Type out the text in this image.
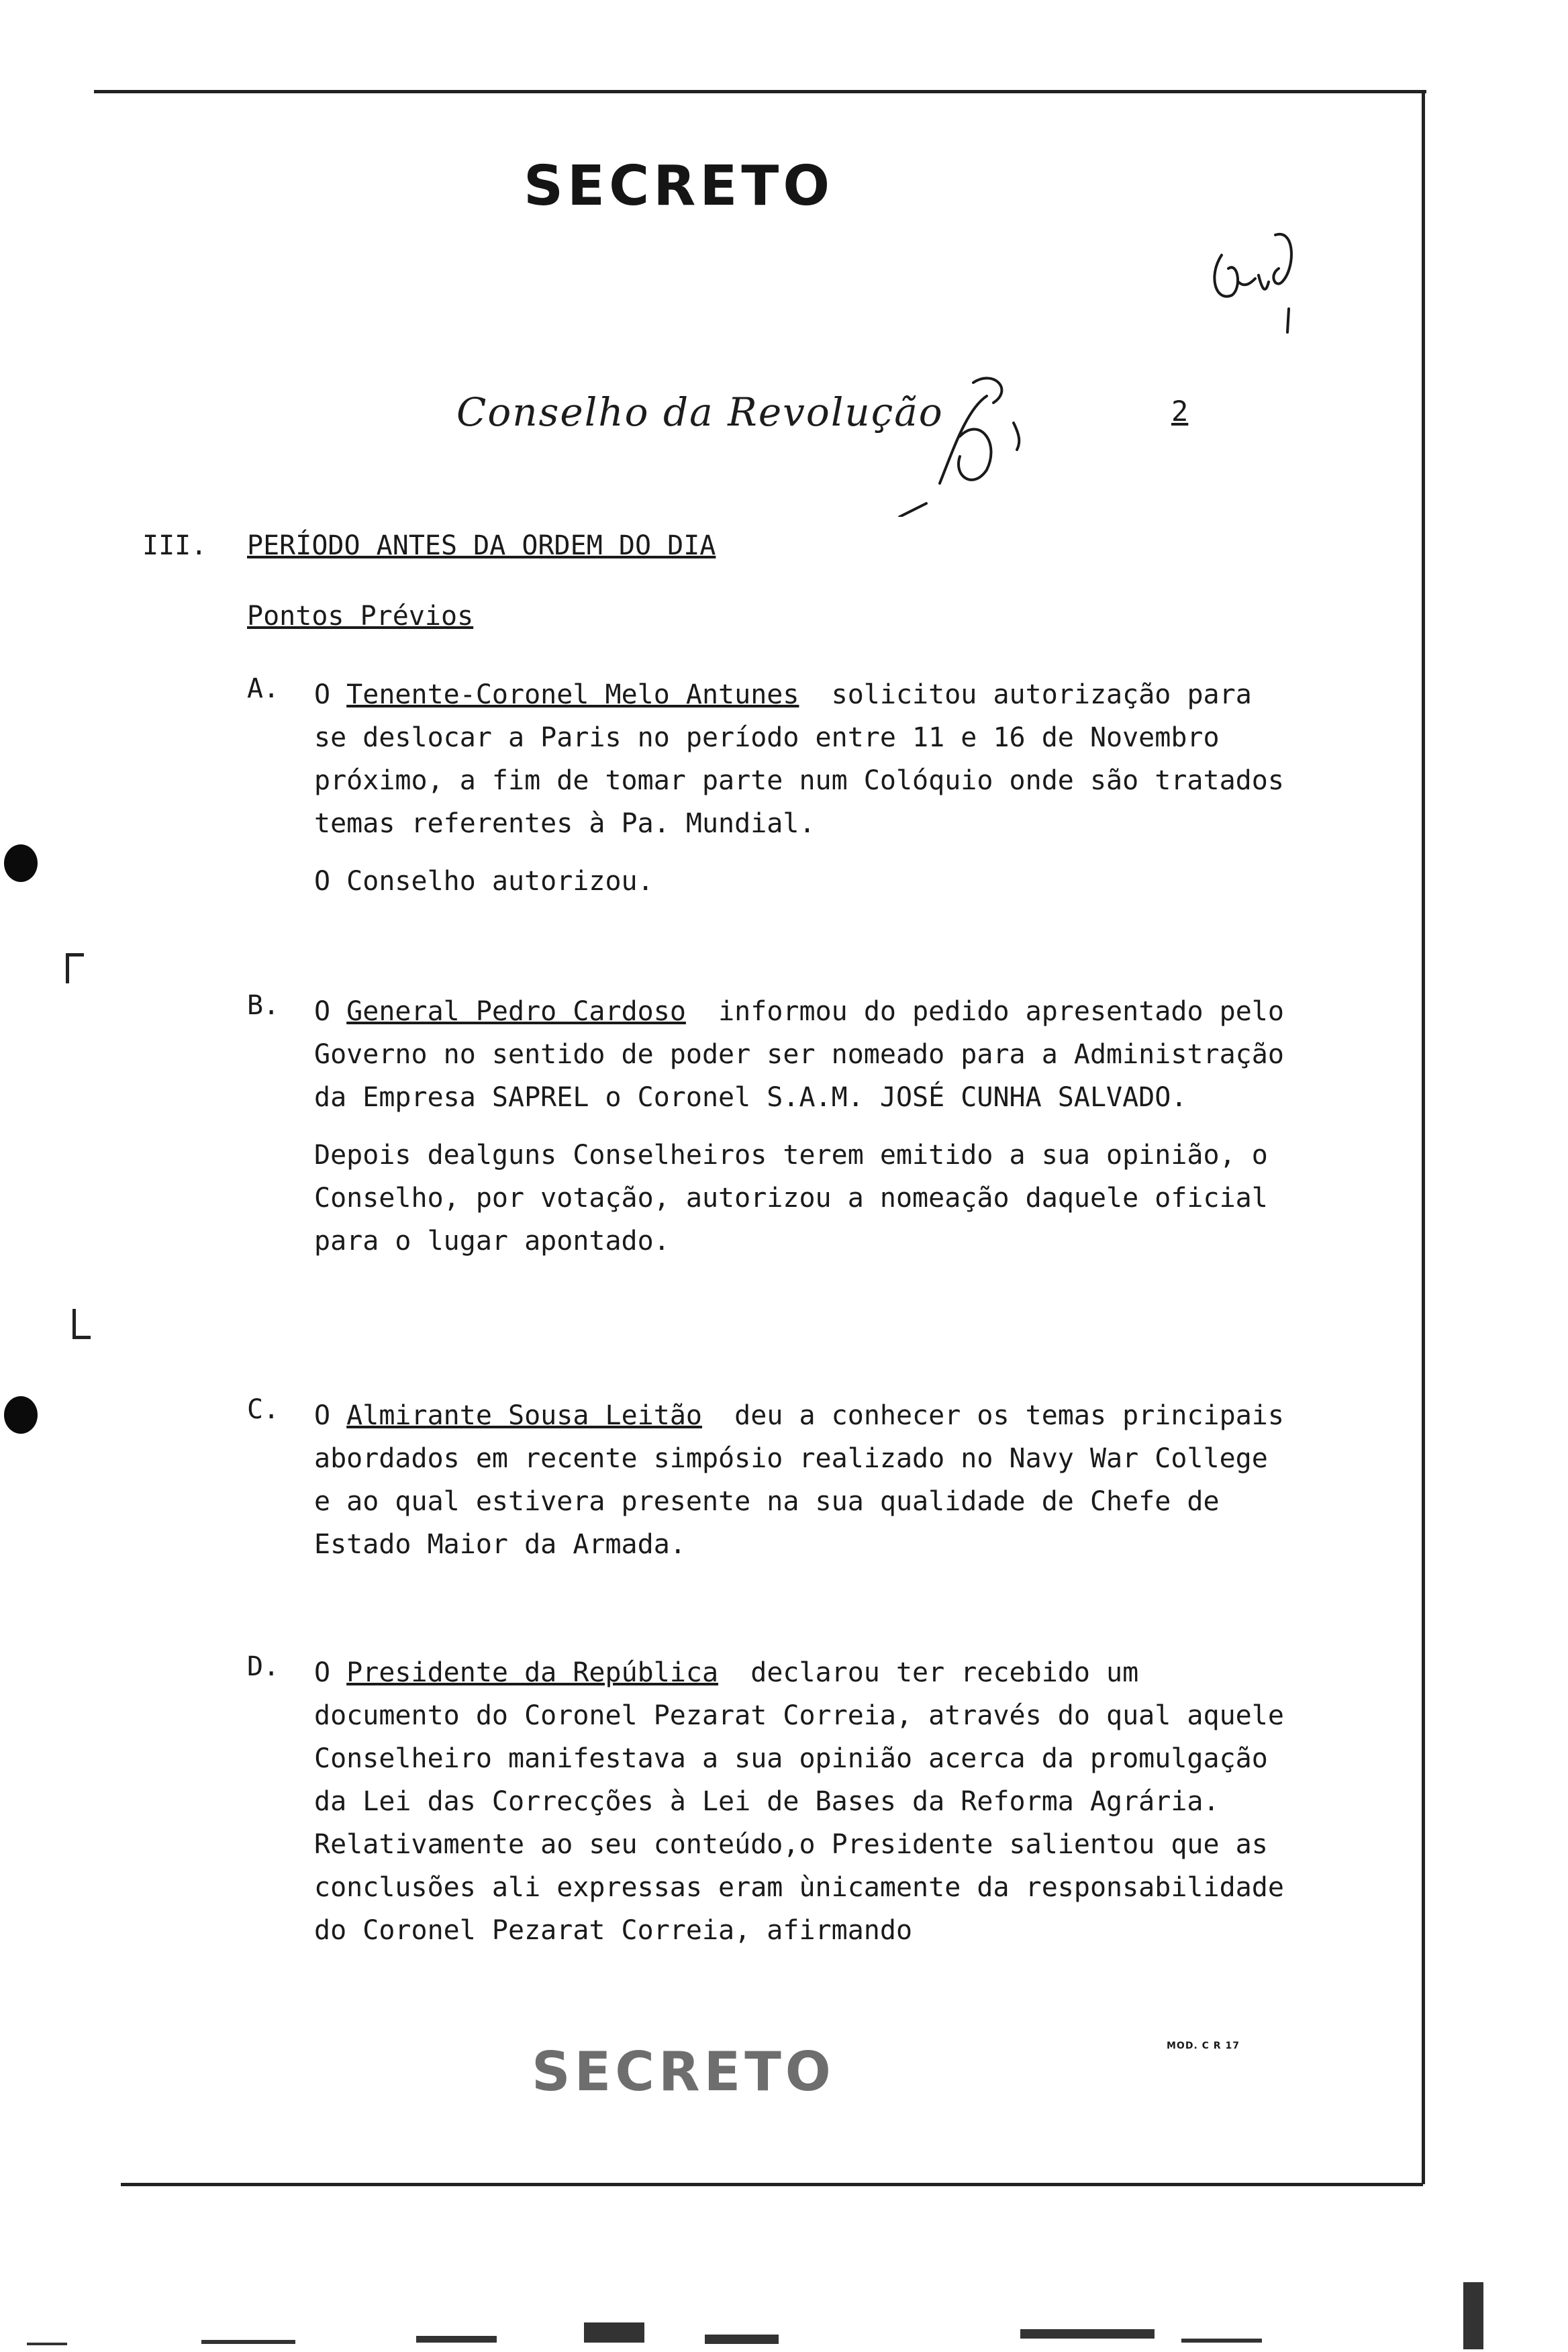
SECRETO
Conselho da Revolução	2
III. PERÍODO ANTES DA ORDEM DO DIA
Pontos Prévios
A. O Tenente-Coronel Melo Antunes solicitou autorização para se deslocar a Paris no período entre 11 e 16 de Novembro próximo, a fim de tomar parte num Colóquio onde são tratados temas referentes à Pa. Mundial.

O Conselho autorizou.

B. O General Pedro Cardoso informou do pedido apresentado pelo Governo no sentido de poder ser nomeado para a Administração da Empresa SAPREL o Coronel S.A.M. JOSÉ CUNHA SALVADO.

Depois dealguns Conselheiros terem emitido a sua opinião, o Conselho, por votação, autorizou a nomeação daquele oficial para o lugar apontado.

C. O Almirante Sousa Leitão deu a conhecer os temas principais abordados em recente simpósio realizado no Navy War College e ao qual estivera presente na sua qualidade de Chefe de Estado Maior da Armada.

D. O Presidente da República declarou ter recebido um documento do Coronel Pezarat Correia, através do qual aquele Conselheiro manifestava a sua opinião acerca da promulgação da Lei das Correcções à Lei de Bases da Reforma Agrária.

Relativamente ao seu conteúdo,o Presidente salientou que as conclusões ali expressas eram ùnicamente da responsabilidade do Coronel Pezarat Correia, afirmando

SECRETO	MOD. C R 17
